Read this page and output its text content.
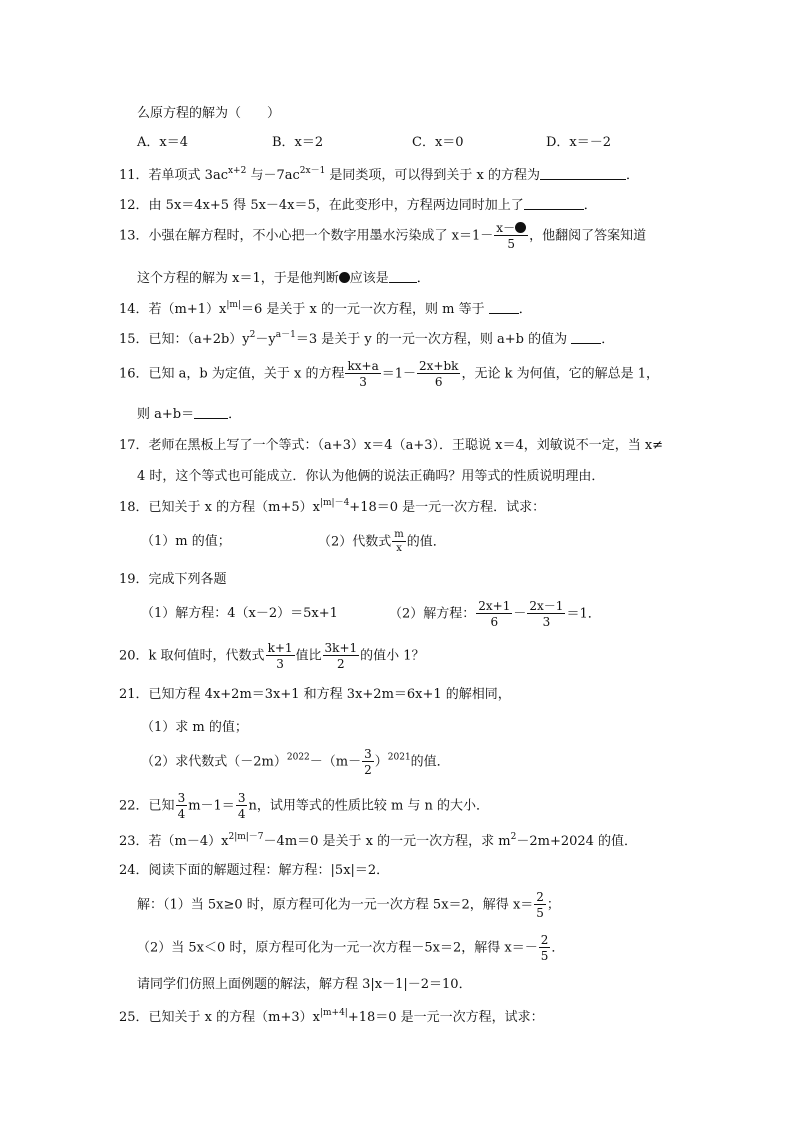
么原方程的解为（　　）
A．x＝4	B．x＝2	C．x＝0	D．x＝－2
11．若单项式 $3ac^{x+2}$ 与$-7ac^{2x-1}$ 是同类项，可以得到关于 x 的方程为	．
12．由 5x＝4x+5 得 5x－4x＝5，在此变形中，方程两边同时加上了	．
13．小强在解方程时，不小心把一个数字用墨水污染成了 $x=1- \frac{x-}{5}$ ，他翻阅了答案知道
这个方程的解为 x＝1，于是他判断 应该是 ．
14．若$(m+1)x^{|m|}=6$ 是关于 x 的一元一次方程，则 m 等于 ．
15．已知：$(a+2b)y^2-y^{a-1}=3$ 是关于 y 的一元一次方程，则 a+b 的值为 ．
16．已知 a，b 为定值，关于 x 的方程 $\frac{kx+a}{3} =1- \frac{2x+bk}{6}$ ，无论 k 为何值，它的解总是 1，
则 a+b＝	．
17．老师在黑板上写了一个等式：（a+3）x＝4（a+3）．王聪说 x＝4，刘敏说不一定，当 x≠
4 时，这个等式也可能成立．你认为他俩的说法正确吗？用等式的性质说明理由．
18．已知关于 x 的方程$(m+5)x^{|m|-4}+18=0$ 是一元一次方程．试求：
（1）m 的值；	（2）代数式 $\frac{m}{x}$ 的值．
19．完成下列各题
（1）解方程：4（x－2）＝5x+1	（2）解方程： $\frac{2x+1}{6} - \frac{2x-1}{3} =1$．
20．k 取何值时，代数式 $\frac{k+1}{3}$ 值比 $\frac{3k+1}{2}$ 的值小 1？
21．已知方程 4x+2m＝3x+1 和方程 3x+2m＝6x+1 的解相同，
（1）求 m 的值；
（2）求代数式$(-2m)^{2022}-(m- \frac{3}{2} )^{2021}$的值．
22．已知 $\frac{3}{4} m-1= \frac{3}{4}$ n，试用等式的性质比较 m 与 n 的大小．
23．若$(m-4)x^{2|m|-7}-4m=0$ 是关于 x 的一元一次方程，求 $m^2-2m+2024$ 的值．
24．阅读下面的解题过程：解方程：|5x|＝2．
解：（1）当 5x≥0 时，原方程可化为一元一次方程 5x＝2，解得 $x= \frac{2}{5}$ ；
（2）当 5x＜0 时，原方程可化为一元一次方程－5x＝2，解得 $x=- \frac{2}{5}$ ．
请同学们仿照上面例题的解法，解方程 3|x－1|－2＝10．
25．已知关于 x 的方程$(m+3)x^{|m+4|}+18=0$ 是一元一次方程，试求：
